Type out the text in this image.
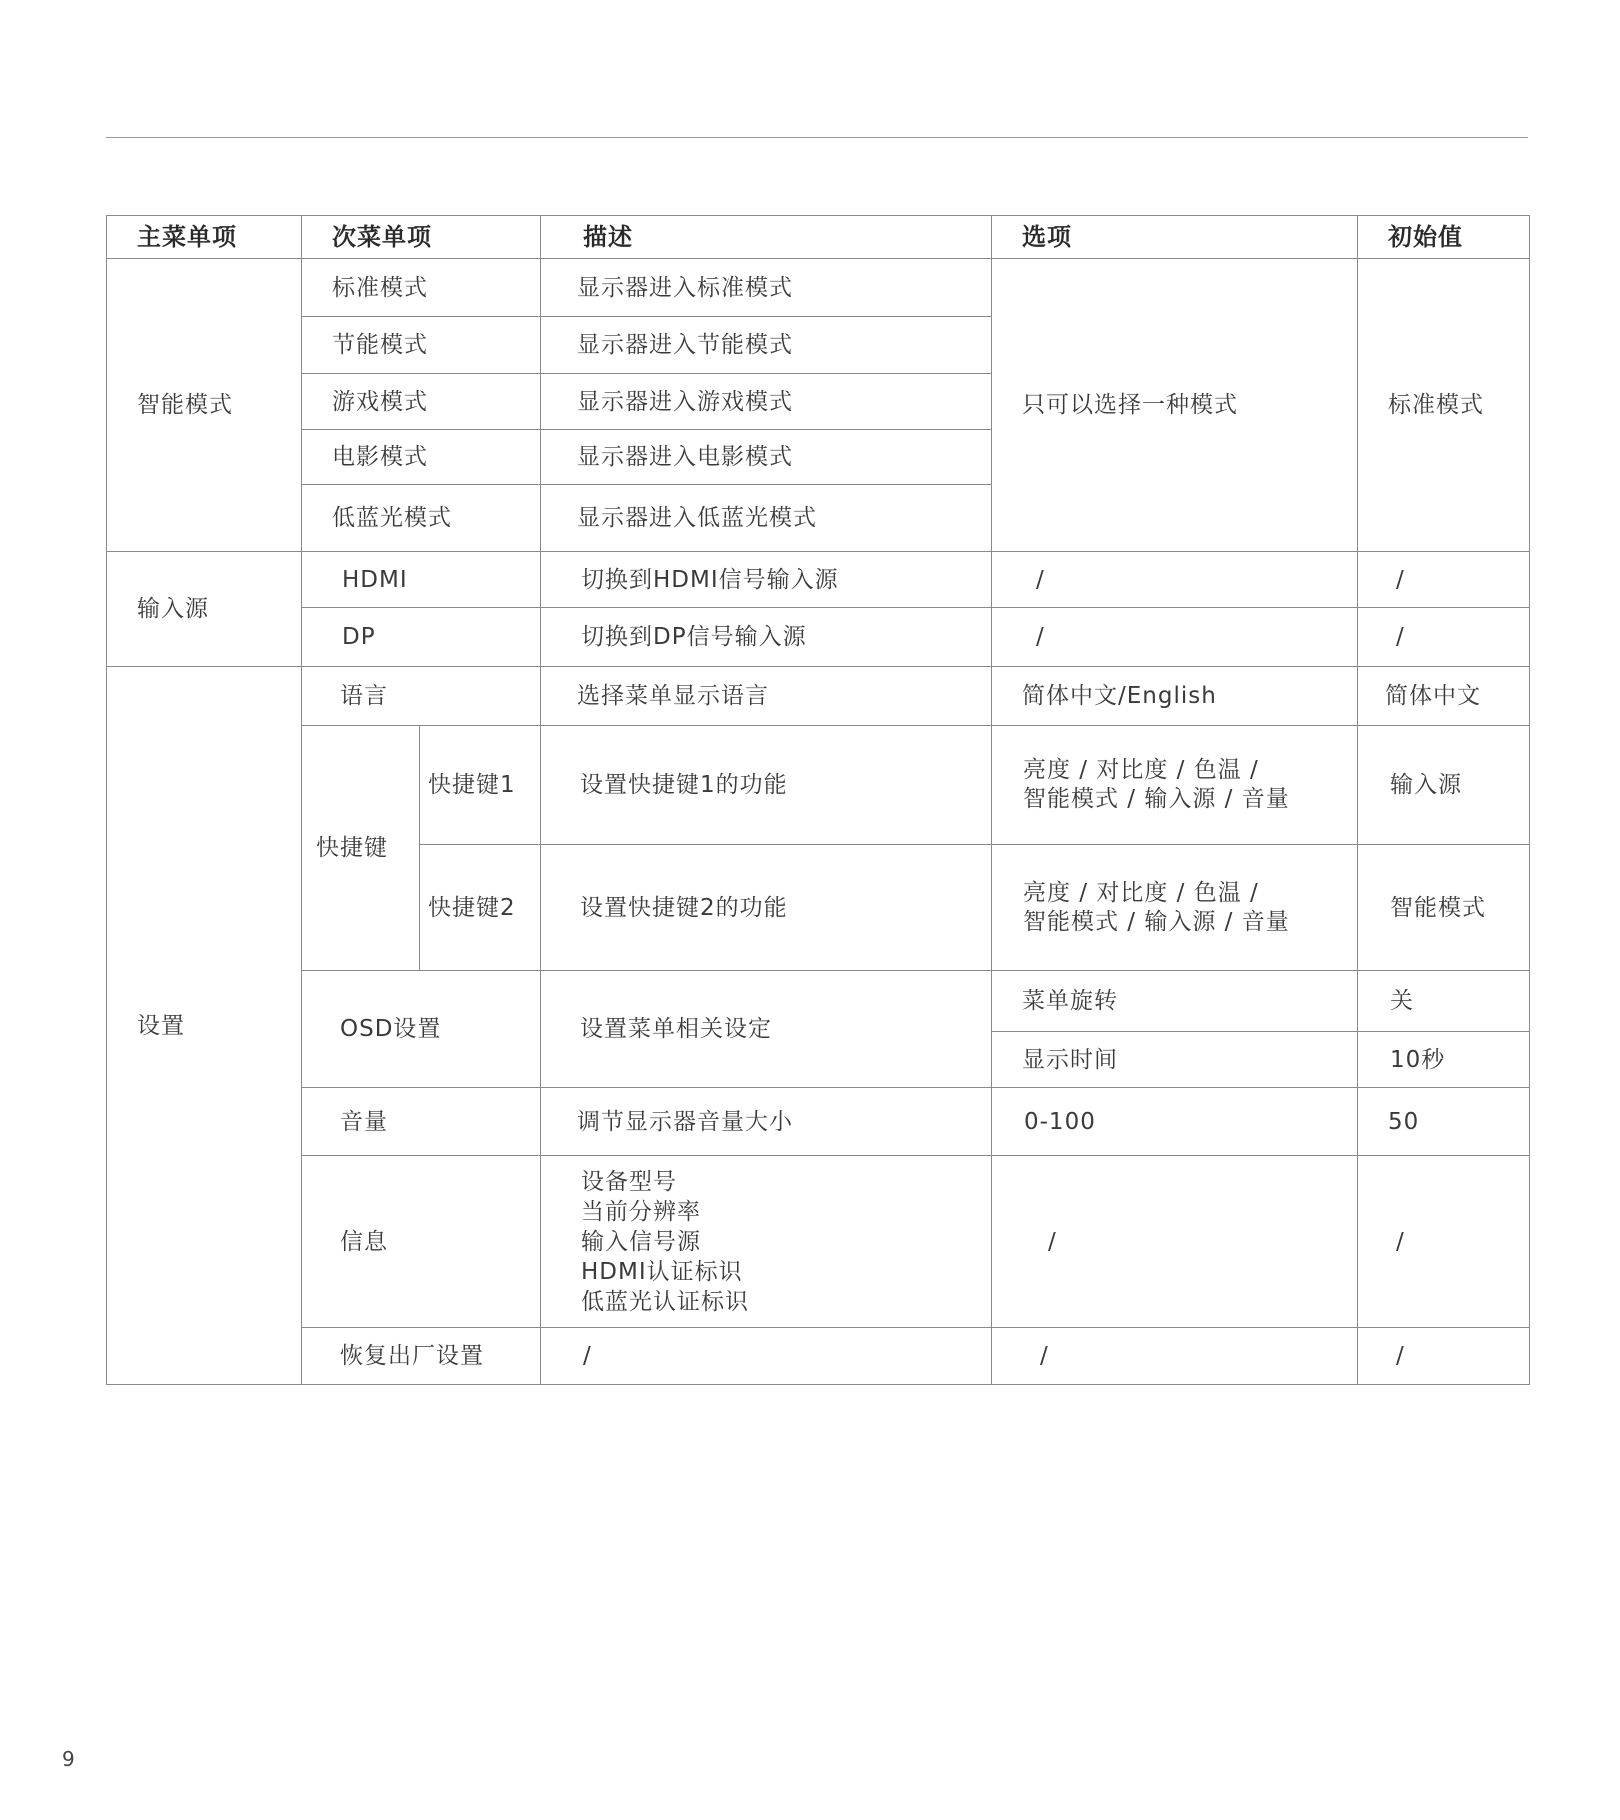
主菜单项	次菜单项		描述	选项	初始值
智能模式	标准模式		显示器进入标准模式	只可以选择一种模式	标准模式
	节能模式		显示器进入节能模式		
	游戏模式		显示器进入游戏模式		
	电影模式		显示器进入电影模式		
	低蓝光模式		显示器进入低蓝光模式		
输入源	HDMI		切换到HDMI信号输入源	/	/
	DP		切换到DP信号输入源	/	/
设置	语言		选择菜单显示语言	简体中文/English	简体中文
	快捷键	快捷键1	设置快捷键1的功能	亮度 / 对比度 / 色温 /
智能模式 / 输入源 / 音量	输入源
		快捷键2	设置快捷键2的功能	亮度 / 对比度 / 色温 /
智能模式 / 输入源 / 音量	智能模式
	OSD设置		设置菜单相关设定	菜单旋转	关
				显示时间	10秒
	音量		调节显示器音量大小	0-100	50
	信息		设备型号
当前分辨率
输入信号源
HDMI认证标识
低蓝光认证标识	/	/
	恢复出厂设置		/	/	/
9
